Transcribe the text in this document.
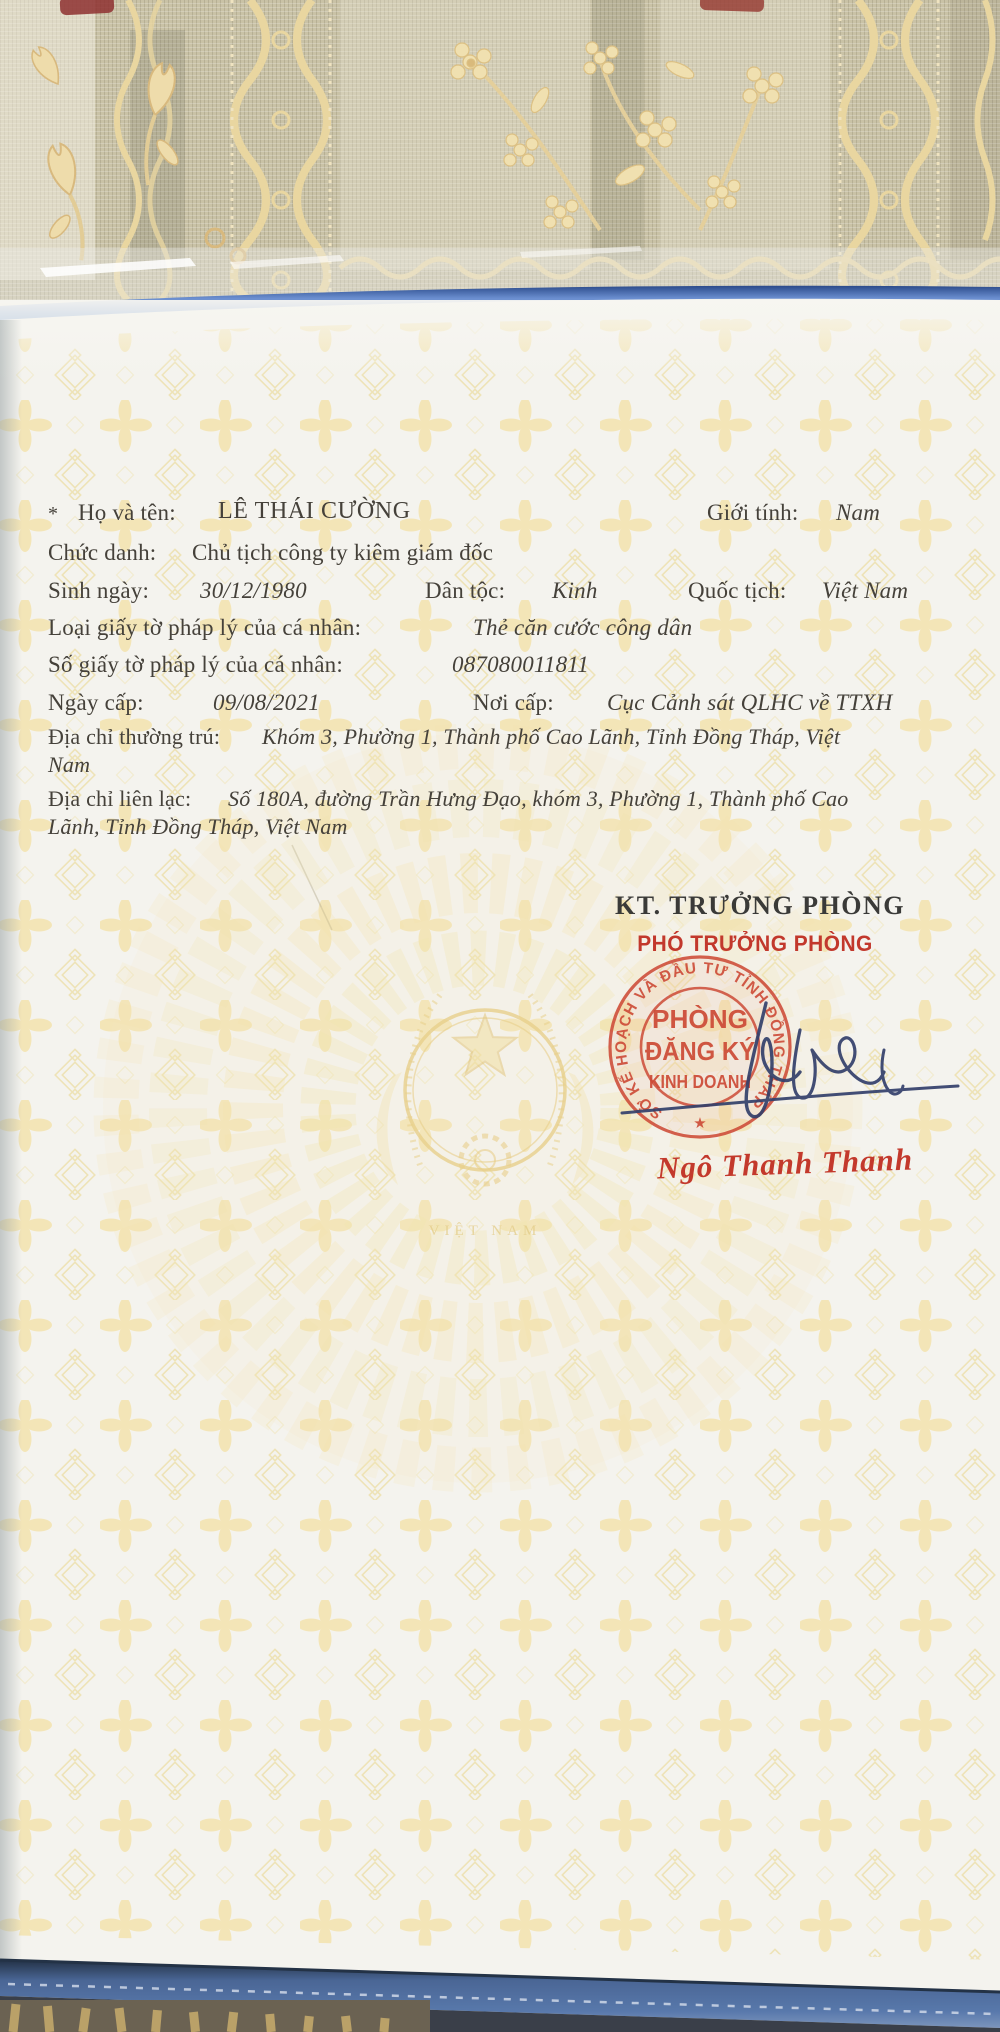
VIỆT NAM
SỞ KẾ HOẠCH VÀ ĐẦU TƯ TỈNH ĐỒNG THÁP
★
PHÒNG
ĐĂNG KÝ
KINH DOANH
* Họ và tên: LÊ THÁI CƯỜNG	Giới tính: Nam
Chức danh: Chủ tịch công ty kiêm giám đốc
Sinh ngày: 30/12/1980	Dân tộc: Kinh	Quốc tịch: Việt Nam
Loại giấy tờ pháp lý của cá nhân:	Thẻ căn cước công dân
Số giấy tờ pháp lý của cá nhân:	087080011811
Ngày cấp:	09/08/2021	Nơi cấp: Cục Cảnh sát QLHC về TTXH
Địa chỉ thường trú: Khóm 3, Phường 1, Thành phố Cao Lãnh, Tỉnh Đồng Tháp, Việt
Nam
Địa chỉ liên lạc: Số 180A, đường Trần Hưng Đạo, khóm 3, Phường 1, Thành phố Cao
Lãnh, Tỉnh Đồng Tháp, Việt Nam
KT. TRƯỞNG PHÒNG
PHÓ TRƯỞNG PHÒNG
Ngô Thanh Thanh
